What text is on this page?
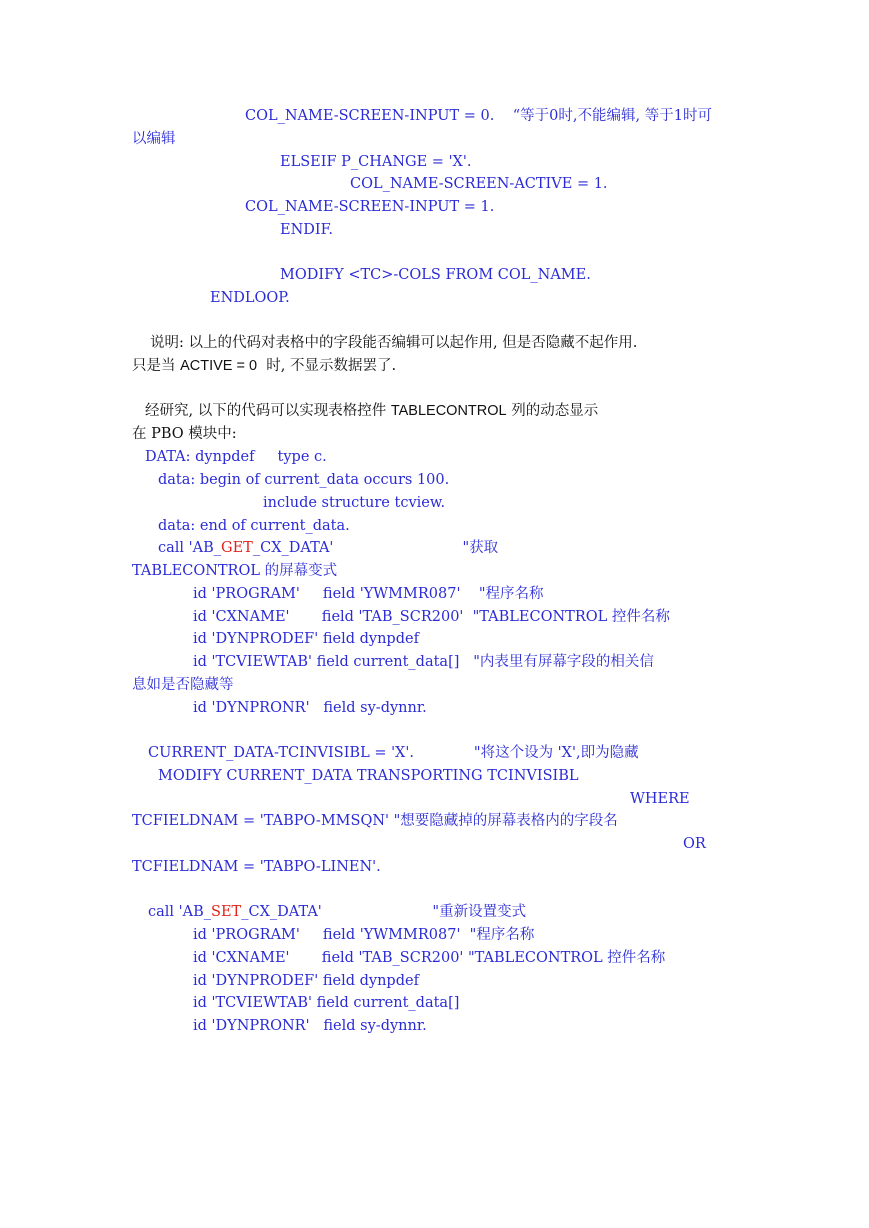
COL_NAME-SCREEN-INPUT = 0.    “等于0时,不能编辑, 等于1时可
以编辑
ELSEIF P_CHANGE = 'X'.
COL_NAME-SCREEN-ACTIVE = 1.
COL_NAME-SCREEN-INPUT = 1.
ENDIF.
MODIFY <TC>-COLS FROM COL_NAME.
ENDLOOP.
说明: 以上的代码对表格中的字段能否编辑可以起作用, 但是否隐藏不起作用.
只是当 ACTIVE = 0  时, 不显示数据罢了.
经研究, 以下的代码可以实现表格控件 TABLECONTROL 列的动态显示
在 PBO 模块中:
DATA: dynpdef     type c.
data: begin of current_data occurs 100.
include structure tcview.
data: end of current_data.
call 'AB_GET_CX_DATA'                            "获取
TABLECONTROL 的屏幕变式
id 'PROGRAM'     field 'YWMMR087'    "程序名称
id 'CXNAME'       field 'TAB_SCR200'  "TABLECONTROL 控件名称
id 'DYNPRODEF' field dynpdef
id 'TCVIEWTAB' field current_data[]   "内表里有屏幕字段的相关信
息如是否隐藏等
id 'DYNPRONR'   field sy-dynnr.
CURRENT_DATA-TCINVISIBL = 'X'.             "将这个设为 'X',即为隐藏
MODIFY CURRENT_DATA TRANSPORTING TCINVISIBL
WHERE
TCFIELDNAM = 'TABPO-MMSQN' "想要隐藏掉的屏幕表格内的字段名
OR
TCFIELDNAM = 'TABPO-LINEN'.
call 'AB_SET_CX_DATA'                        "重新设置变式
id 'PROGRAM'     field 'YWMMR087'  "程序名称
id 'CXNAME'       field 'TAB_SCR200' "TABLECONTROL 控件名称
id 'DYNPRODEF' field dynpdef
id 'TCVIEWTAB' field current_data[]
id 'DYNPRONR'   field sy-dynnr.
